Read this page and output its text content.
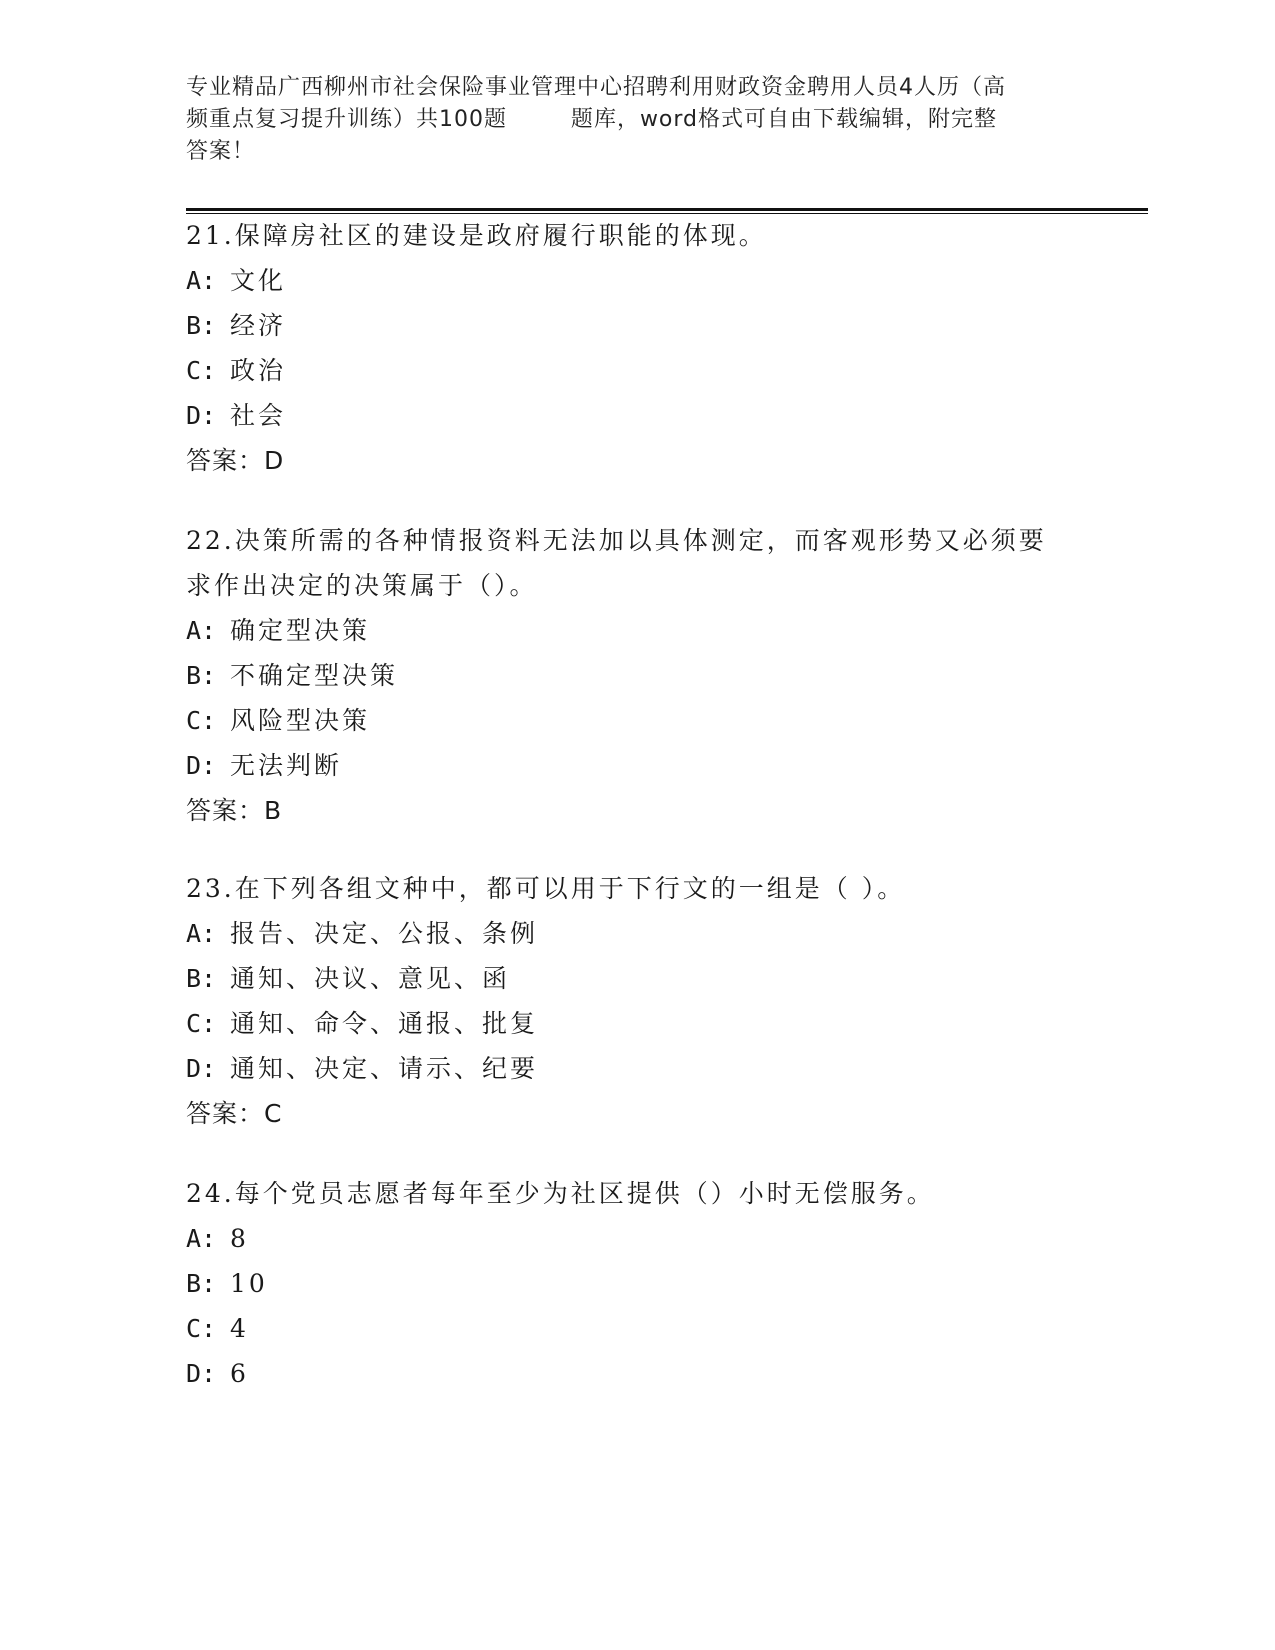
专业精品广西柳州市社会保险事业管理中心招聘利用财政资金聘用人员4人历（高
频重点复习提升训练）共100题        题库，word格式可自由下载编辑，附完整
答案！
21.保障房社区的建设是政府履行职能的体现。
A: 文化
B: 经济
C: 政治
D: 社会
答案：D
22.决策所需的各种情报资料无法加以具体测定，而客观形势又必须要
求作出决定的决策属于（）。
A: 确定型决策
B: 不确定型决策
C: 风险型决策
D: 无法判断
答案：B
23.在下列各组文种中，都可以用于下行文的一组是（ ）。
A: 报告、决定、公报、条例
B: 通知、决议、意见、函
C: 通知、命令、通报、批复
D: 通知、决定、请示、纪要
答案：C
24.每个党员志愿者每年至少为社区提供（）小时无偿服务。
A: 8
B: 10
C: 4
D: 6
